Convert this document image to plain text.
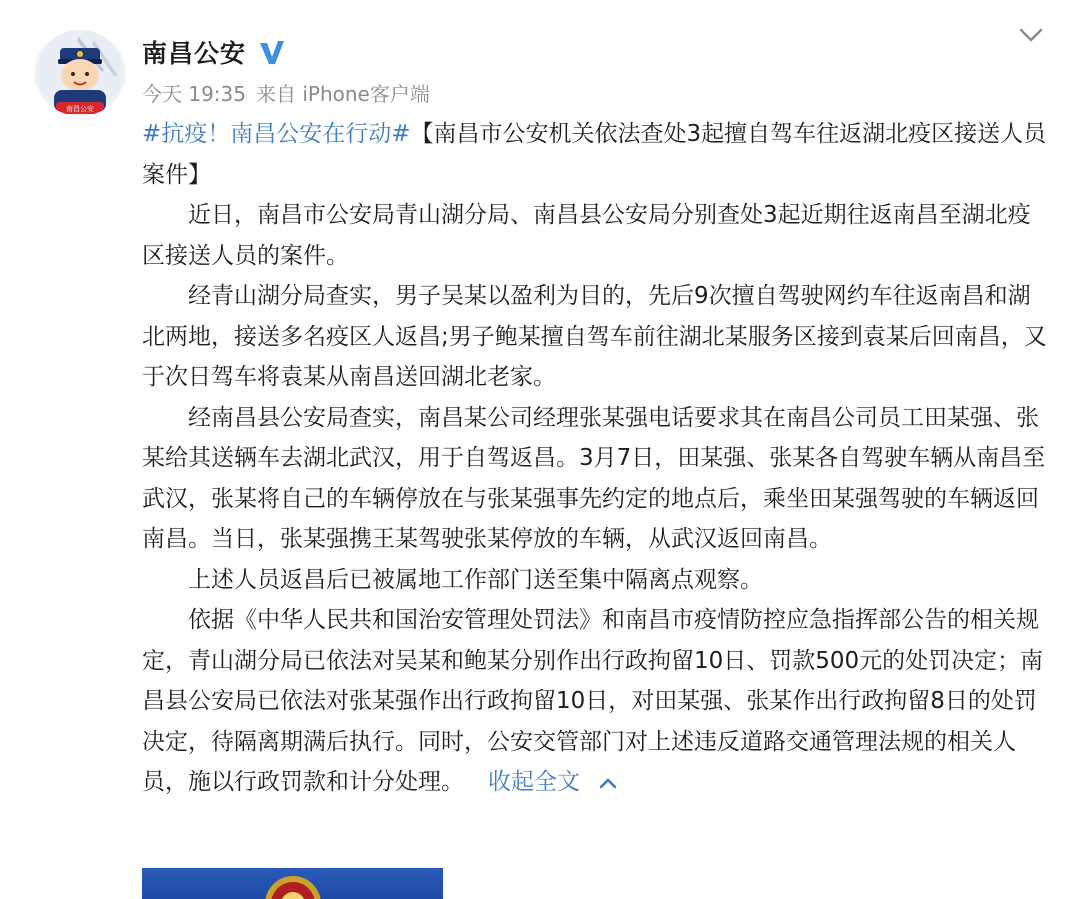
南昌公安
南昌公安
今天 19:35 来自 iPhone客户端

#抗疫！南昌公安在行动#【南昌市公安机关依法查处3起擅自驾车往返湖北疫区接送人员案件】

近日，南昌市公安局青山湖分局、南昌县公安局分别查处3起近期往返南昌至湖北疫区接送人员的案件。

经青山湖分局查实，男子吴某以盈利为目的，先后9次擅自驾驶网约车往返南昌和湖北两地，接送多名疫区人返昌;男子鲍某擅自驾车前往湖北某服务区接到袁某后回南昌，又于次日驾车将袁某从南昌送回湖北老家。

经南昌县公安局查实，南昌某公司经理张某强电话要求其在南昌公司员工田某强、张某给其送辆车去湖北武汉，用于自驾返昌。3月7日，田某强、张某各自驾驶车辆从南昌至武汉，张某将自己的车辆停放在与张某强事先约定的地点后，乘坐田某强驾驶的车辆返回南昌。当日，张某强携王某驾驶张某停放的车辆，从武汉返回南昌。

上述人员返昌后已被属地工作部门送至集中隔离点观察。

依据《中华人民共和国治安管理处罚法》和南昌市疫情防控应急指挥部公告的相关规定，青山湖分局已依法对吴某和鲍某分别作出行政拘留10日、罚款500元的处罚决定；南昌县公安局已依法对张某强作出行政拘留10日，对田某强、张某作出行政拘留8日的处罚决定，待隔离期满后执行。同时，公安交管部门对上述违反道路交通管理法规的相关人员，施以行政罚款和计分处理。 收起全文
